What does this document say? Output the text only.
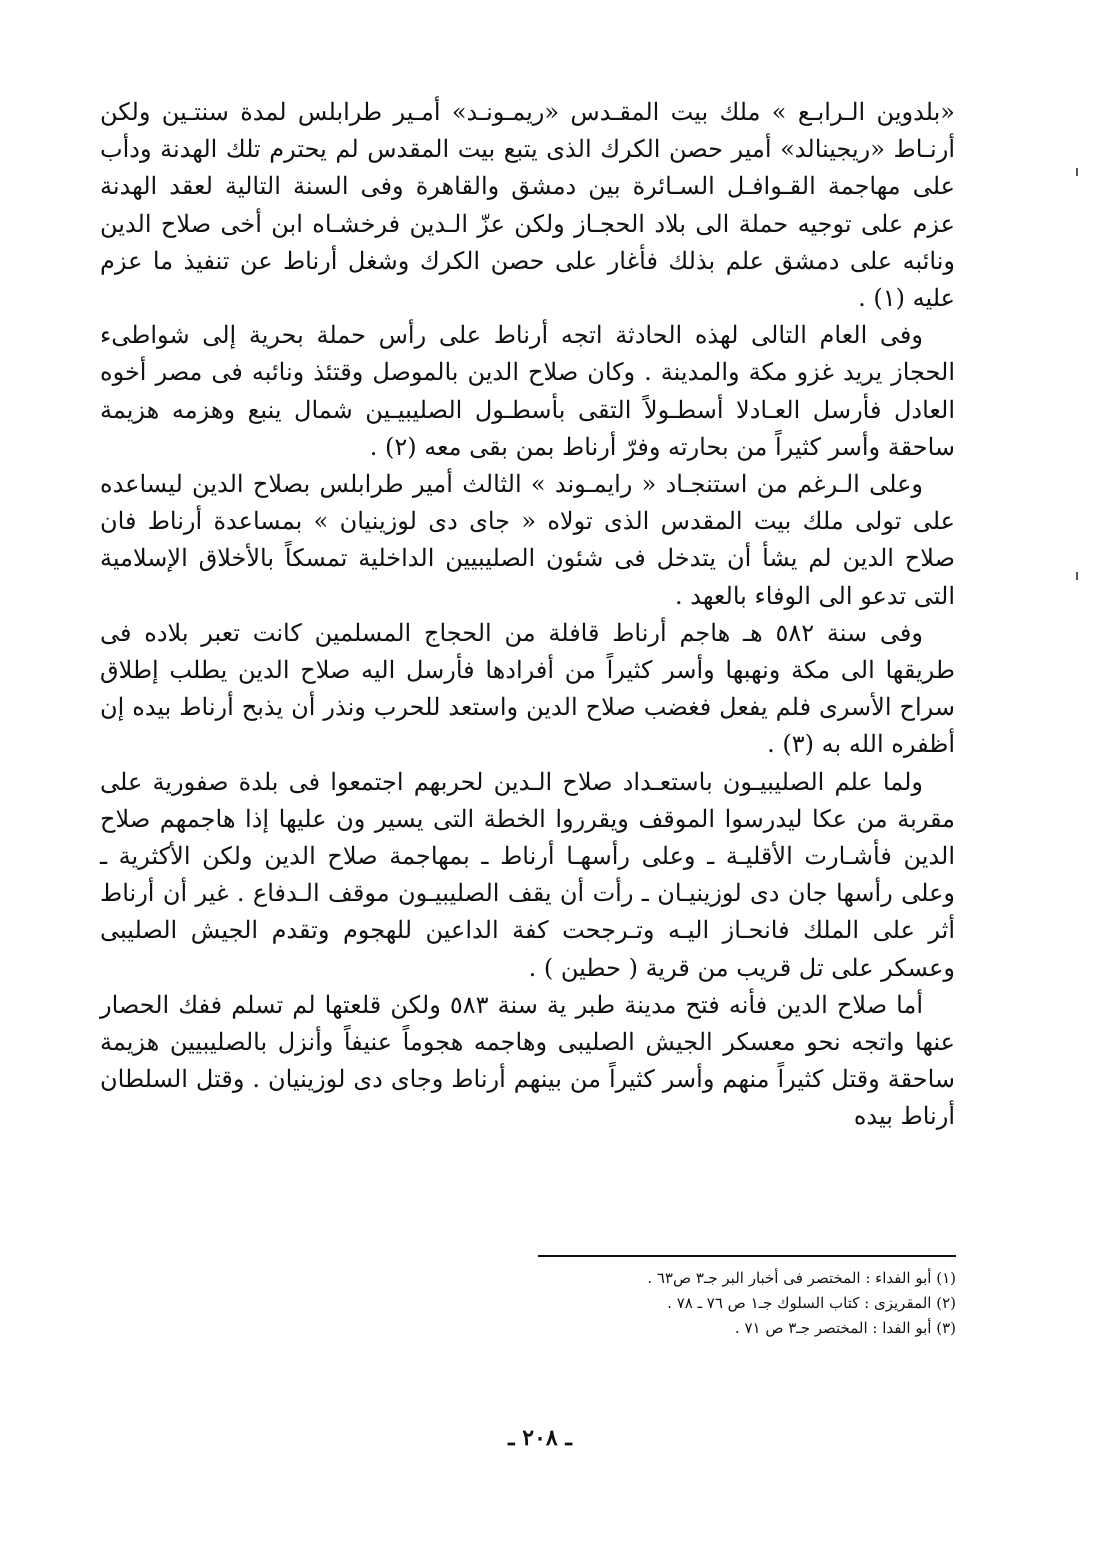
«بلدوين الـرابـع » ملك بيت المقـدس «ريمـونـد» أمـير طرابلس لمدة سنتـين ولكن أرنـاط «ريجينالد» أمير حصن الكرك الذى يتبع بيت المقدس لم يحترم تلك الهدنة ودأب على مهاجمة القـوافـل السـائرة بين دمشق والقاهرة وفى السنة التالية لعقد الهدنة عزم على توجيه حملة الى بلاد الحجـاز ولكن عزّ الـدين فرخشـاه ابن أخى صلاح الدين ونائبه على دمشق علم بذلك فأغار على حصن الكرك وشغل أرناط عن تنفيذ ما عزم عليه (١) .

وفى العام التالى لهذه الحادثة اتجه أرناط على رأس حملة بحرية إلى شواطىء الحجاز يريد غزو مكة والمدينة . وكان صلاح الدين بالموصل وقتئذ ونائبه فى مصر أخوه العادل فأرسل العـادلا أسطـولاً التقى بأسطـول الصليبيـين شمال ينبع وهزمه هزيمة ساحقة وأسر كثيراً من بحارته وفرّ أرناط بمن بقى معه (٢) .

وعلى الـرغم من استنجـاد « رايمـوند » الثالث أمير طرابلس بصلاح الدين ليساعده على تولى ملك بيت المقدس الذى تولاه « جاى دى لوزينيان » بمساعدة أرناط فان صلاح الدين لم يشأ أن يتدخل فى شئون الصليبيين الداخلية تمسكاً بالأخلاق الإسلامية التى تدعو الى الوفاء بالعهد .

وفى سنة ٥٨٢ هـ هاجم أرناط قافلة من الحجاج المسلمين كانت تعبر بلاده فى طريقها الى مكة ونهبها وأسر كثيراً من أفرادها فأرسل اليه صلاح الدين يطلب إطلاق سراح الأسرى فلم يفعل فغضب صلاح الدين واستعد للحرب ونذر أن يذبح أرناط بيده إن أظفره الله به (٣) .

ولما علم الصليبيـون باستعـداد صلاح الـدين لحربهم اجتمعوا فى بلدة صفورية على مقربة من عكا ليدرسوا الموقف ويقرروا الخطة التى يسير ون عليها إذا هاجمهم صلاح الدين فأشـارت الأقليـة ـ وعلى رأسهـا أرناط ـ بمهاجمة صلاح الدين ولكن الأكثرية ـ وعلى رأسها جان دى لوزينيـان ـ رأت أن يقف الصليبيـون موقف الـدفاع . غير أن أرناط أثر على الملك فانحـاز اليـه وتـرجحت كفة الداعين للهجوم وتقدم الجيش الصليبى وعسكر على تل قريب من قرية ( حطين ) .

أما صلاح الدين فأنه فتح مدينة طبر ية سنة ٥٨٣ ولكن قلعتها لم تسلم ففك الحصار عنها واتجه نحو معسكر الجيش الصليبى وهاجمه هجوماً عنيفاً وأنزل بالصليبيين هزيمة ساحقة وقتل كثيراً منهم وأسر كثيراً من بينهم أرناط وجاى دى لوزينيان . وقتل السلطان أرناط بيده

(١) أبو الفداء : المختصر فى أخبار البر جـ٣ ص٦٣ .

(٢) المقريزى : كتاب السلوك جـ١ ص ٧٦ ـ ٧٨ .

(٣) أبو الفدا : المختصر جـ٣ ص ٧١ .

ـ ٢٠٨ ـ
